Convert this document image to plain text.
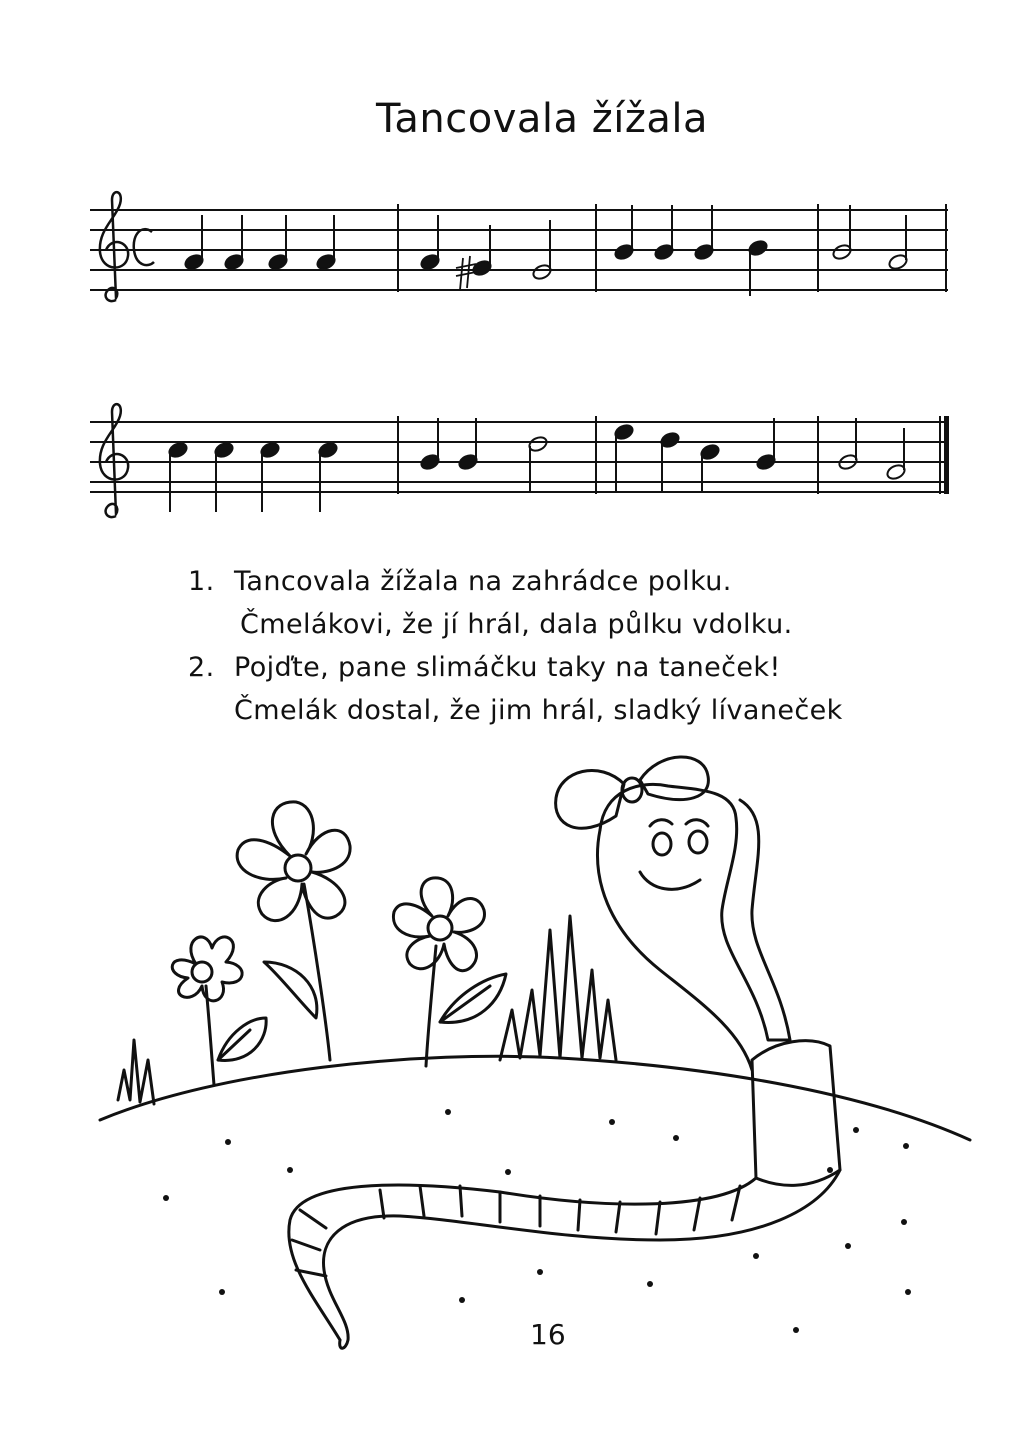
Tancovala žížala
1. Tancovala žížala na zahrádce polku.
Čmelákovi, že jí hrál, dala půlku vdolku.
2. Pojďte, pane slimáčku taky na taneček!
Čmelák dostal, že jim hrál, sladký lívaneček
16
